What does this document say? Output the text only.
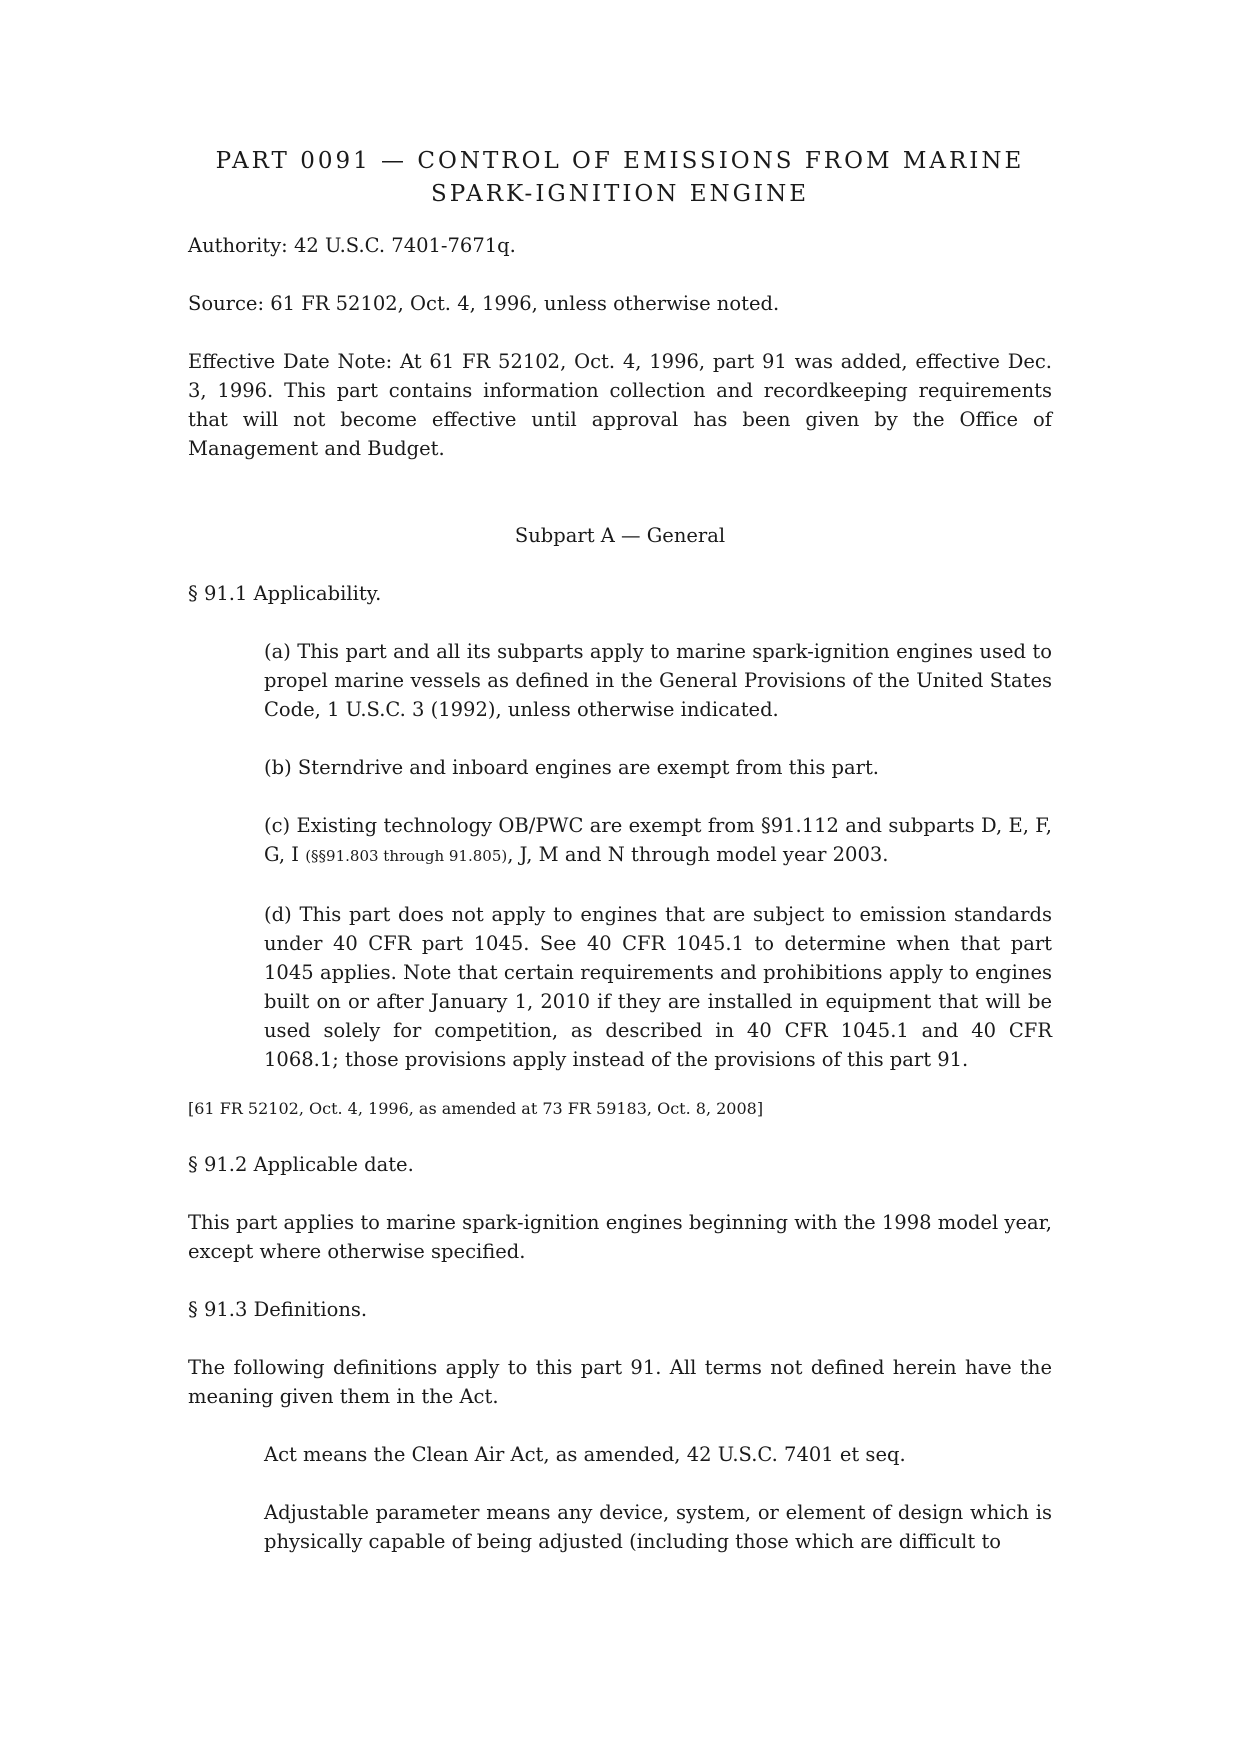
PART 0091 — CONTROL OF EMISSIONS FROM MARINE
SPARK-IGNITION ENGINE

Authority: 42 U.S.C. 7401-7671q.

Source: 61 FR 52102, Oct. 4, 1996, unless otherwise noted.

Effective Date Note: At 61 FR 52102, Oct. 4, 1996, part 91 was added, effective Dec. 3, 1996. This part contains information collection and recordkeeping requirements that will not become effective until approval has been given by the Office of Management and Budget.

Subpart A — General

§ 91.1 Applicability.

(a) This part and all its subparts apply to marine spark-ignition engines used to propel marine vessels as defined in the General Provisions of the United States Code, 1 U.S.C. 3 (1992), unless otherwise indicated.

(b) Sterndrive and inboard engines are exempt from this part.

(c) Existing technology OB/PWC are exempt from §91.112 and subparts D, E, F, G, I (§§91.803 through 91.805), J, M and N through model year 2003.

(d) This part does not apply to engines that are subject to emission standards under 40 CFR part 1045. See 40 CFR 1045.1 to determine when that part 1045 applies. Note that certain requirements and prohibitions apply to engines built on or after January 1, 2010 if they are installed in equipment that will be used solely for competition, as described in 40 CFR 1045.1 and 40 CFR 1068.1; those provisions apply instead of the provisions of this part 91.

[61 FR 52102, Oct. 4, 1996, as amended at 73 FR 59183, Oct. 8, 2008]

§ 91.2 Applicable date.

This part applies to marine spark-ignition engines beginning with the 1998 model year, except where otherwise specified.

§ 91.3 Definitions.

The following definitions apply to this part 91. All terms not defined herein have the meaning given them in the Act.

Act means the Clean Air Act, as amended, 42 U.S.C. 7401 et seq.

Adjustable parameter means any device, system, or element of design which is physically capable of being adjusted (including those which are difficult to
